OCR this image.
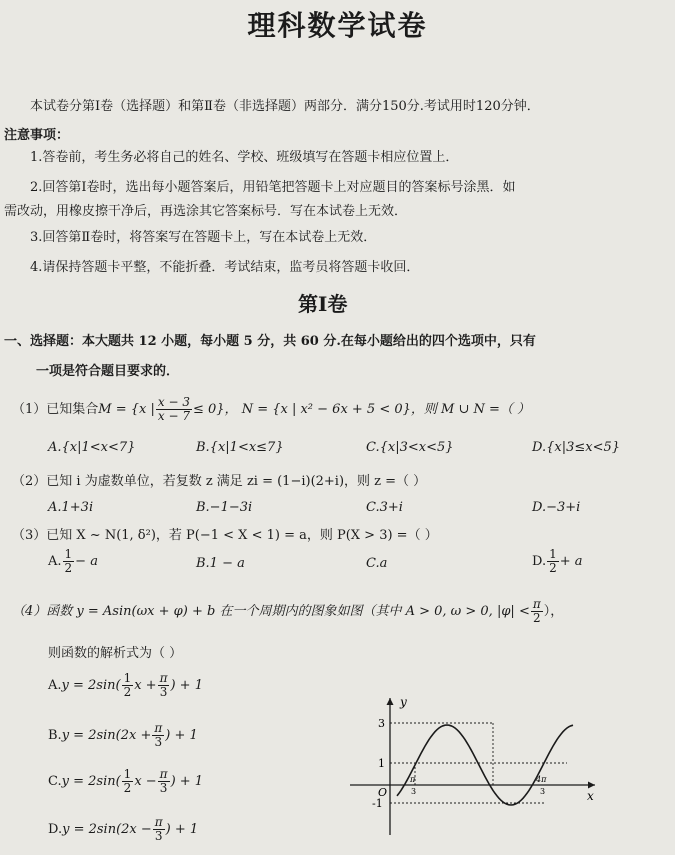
理科数学试卷
本试卷分第Ⅰ卷（选择题）和第Ⅱ卷（非选择题）两部分．满分150分.考试用时120分钟．
注意事项：
1.答卷前，考生务必将自己的姓名、学校、班级填写在答题卡相应位置上．
2.回答第Ⅰ卷时，选出每小题答案后，用铅笔把答题卡上对应题目的答案标号涂黑．如
需改动，用橡皮擦干净后，再选涂其它答案标号．写在本试卷上无效．
3.回答第Ⅱ卷时，将答案写在答题卡上，写在本试卷上无效．
4.请保持答题卡平整，不能折叠．考试结束，监考员将答题卡收回．
第Ⅰ卷
一、选择题：本大题共 12 小题，每小题 5 分，共 60 分.在每小题给出的四个选项中，只有
一项是符合题目要求的．
（1）已知集合M = {x | $\frac{x - 3}{x - 7} \le 0$}， N = {x | x² − 6x + 5 < 0}，则 M ∪ N =（ ）
A.{x|1<x<7}	B.{x|1<x≤7}	C.{x|3<x<5}	D.{x|3≤x<5}
（2）已知 i 为虚数单位，若复数 z 满足 zi = (1−i)(2+i)，则 z =（ ）
A.1+3i	B.−1−3i	C.3+i	D.−3+i
（3）已知 X ~ N(1, δ²)，若 P(−1 < X < 1) = a，则 P(X > 3) =（ ）
A. $\frac{1}{2} - a$	B.1 − a	C.a	D. $\frac{1}{2} + a$
（4）函数 y = Asin(ωx + φ) + b 在一个周期内的图象如图（其中 A > 0, ω > 0, $|\varphi| < \frac{\pi}{2}$ ），
则函数的解析式为（ ）
$A.y = 2\sin( \frac{1}{2}$ $x + \frac{\pi}{3}$ ) + 1
$B.y = 2\sin(2x + \frac{\pi}{3}$ ) + 1
$C.y = 2\sin( \frac{1}{2}$ $x - \frac{\pi}{3}$ ) + 1
$D.y = 2\sin(2x - \frac{\pi}{3}$ ) + 1
y
x
O
3
1
-1
π
3
4π
3
